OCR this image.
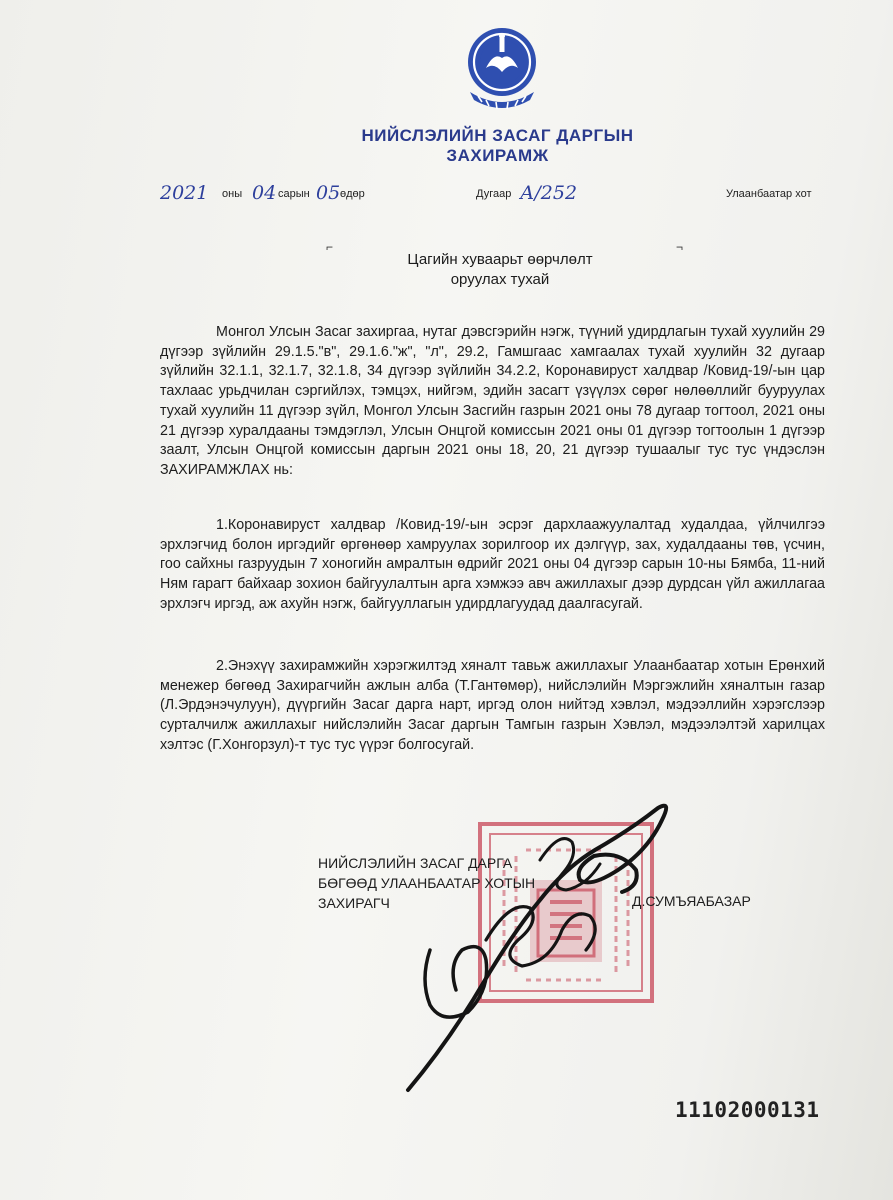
НИЙСЛЭЛИЙН ЗАСАГ ДАРГЫН
ЗАХИРАМЖ
2021 оны 04 сарын 05 өдөр	Дугаар А/252	Улаанбаатар хот
⌐	¬
Цагийн хуваарьт өөрчлөлт
оруулах тухай

Монгол Улсын Засаг захиргаа, нутаг дэвсгэрийн нэгж, түүний удирдлагын тухай хуулийн 29 дүгээр зүйлийн 29.1.5."в", 29.1.6."ж", "л", 29.2, Гамшгаас хамгаалах тухай хуулийн 32 дугаар зүйлийн 32.1.1, 32.1.7, 32.1.8, 34 дүгээр зүйлийн 34.2.2, Коронавируст халдвар /Ковид-19/-ын цар тахлаас урьдчилан сэргийлэх, тэмцэх, нийгэм, эдийн засагт үзүүлэх сөрөг нөлөөллийг бууруулах тухай хуулийн 11 дүгээр зүйл, Монгол Улсын Засгийн газрын 2021 оны 78 дугаар тогтоол, 2021 оны 21 дүгээр хуралдааны тэмдэглэл, Улсын Онцгой комиссын 2021 оны 01 дүгээр тогтоолын 1 дүгээр заалт, Улсын Онцгой комиссын даргын 2021 оны 18, 20, 21 дүгээр тушаалыг тус тус үндэслэн ЗАХИРАМЖЛАХ нь:

1.Коронавируст халдвар /Ковид-19/-ын эсрэг дархлаажуулалтад худалдаа, үйлчилгээ эрхлэгчид болон иргэдийг өргөнөөр хамруулах зорилгоор их дэлгүүр, зах, худалдааны төв, үсчин, гоо сайхны газруудын 7 хоногийн амралтын өдрийг 2021 оны 04 дүгээр сарын 10-ны Бямба, 11-ний Ням гарагт байхаар зохион байгуулалтын арга хэмжээ авч ажиллахыг дээр дурдсан үйл ажиллагаа эрхлэгч иргэд, аж ахуйн нэгж, байгууллагын удирдлагуудад даалгасугай.

2.Энэхүү захирамжийн хэрэгжилтэд хяналт тавьж ажиллахыг Улаанбаатар хотын Ерөнхий менежер бөгөөд Захирагчийн ажлын алба (Т.Гантөмөр), нийслэлийн Мэргэжлийн хяналтын газар (Л.Эрдэнэчулуун), дүүргийн Засаг дарга нарт, иргэд олон нийтэд хэвлэл, мэдээллийн хэрэгслээр сурталчилж ажиллахыг нийслэлийн Засаг даргын Тамгын газрын Хэвлэл, мэдээлэлтэй харилцах хэлтэс (Г.Хонгорзул)-т тус тус үүрэг болгосугай.

НИЙСЛЭЛИЙН ЗАСАГ ДАРГА
БӨГӨӨД УЛААНБААТАР ХОТЫН
ЗАХИРАГЧ	Д.СУМЪЯАБАЗАР
11102000131
